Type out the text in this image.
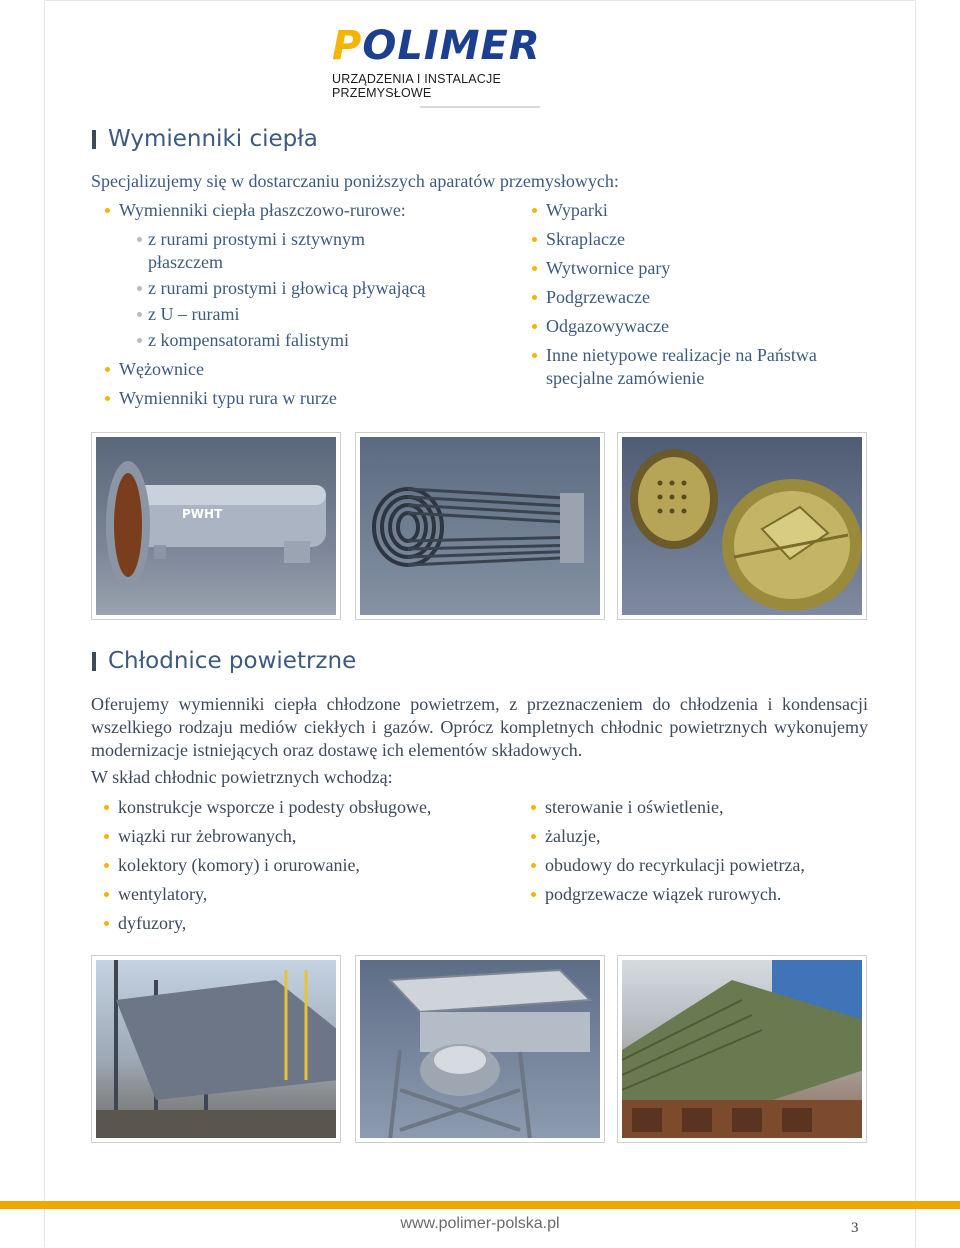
POLIMER
URZĄDZENIA I INSTALACJE PRZEMYSŁOWE
Wymienniki ciepła
Specjalizujemy się w dostarczaniu poniższych aparatów przemysłowych:
Wymienniki ciepła płaszczowo-rurowe:
z rurami prostymi i sztywnym płaszczem
z rurami prostymi i głowicą pływającą
z U – rurami
z kompensatorami falistymi
Wężownice
Wymienniki typu rura w rurze
Wyparki
Skraplacze
Wytwornice pary
Podgrzewacze
Odgazowywacze
Inne nietypowe realizacje na Państwa specjalne zamówienie
PWHT
Chłodnice powietrzne
Oferujemy wymienniki ciepła chłodzone powietrzem, z przeznaczeniem do chłodzenia i kondensacji wszelkiego rodzaju mediów ciekłych i gazów. Oprócz kompletnych chłodnic powietrznych wykonujemy modernizacje istniejących oraz dostawę ich elementów składowych.
W skład chłodnic powietrznych wchodzą:
konstrukcje wsporcze i podesty obsługowe,
wiązki rur żebrowanych,
kolektory (komory) i orurowanie,
wentylatory,
dyfuzory,
sterowanie i oświetlenie,
żaluzje,
obudowy do recyrkulacji powietrza,
podgrzewacze wiązek rurowych.
www.polimer-polska.pl	3
